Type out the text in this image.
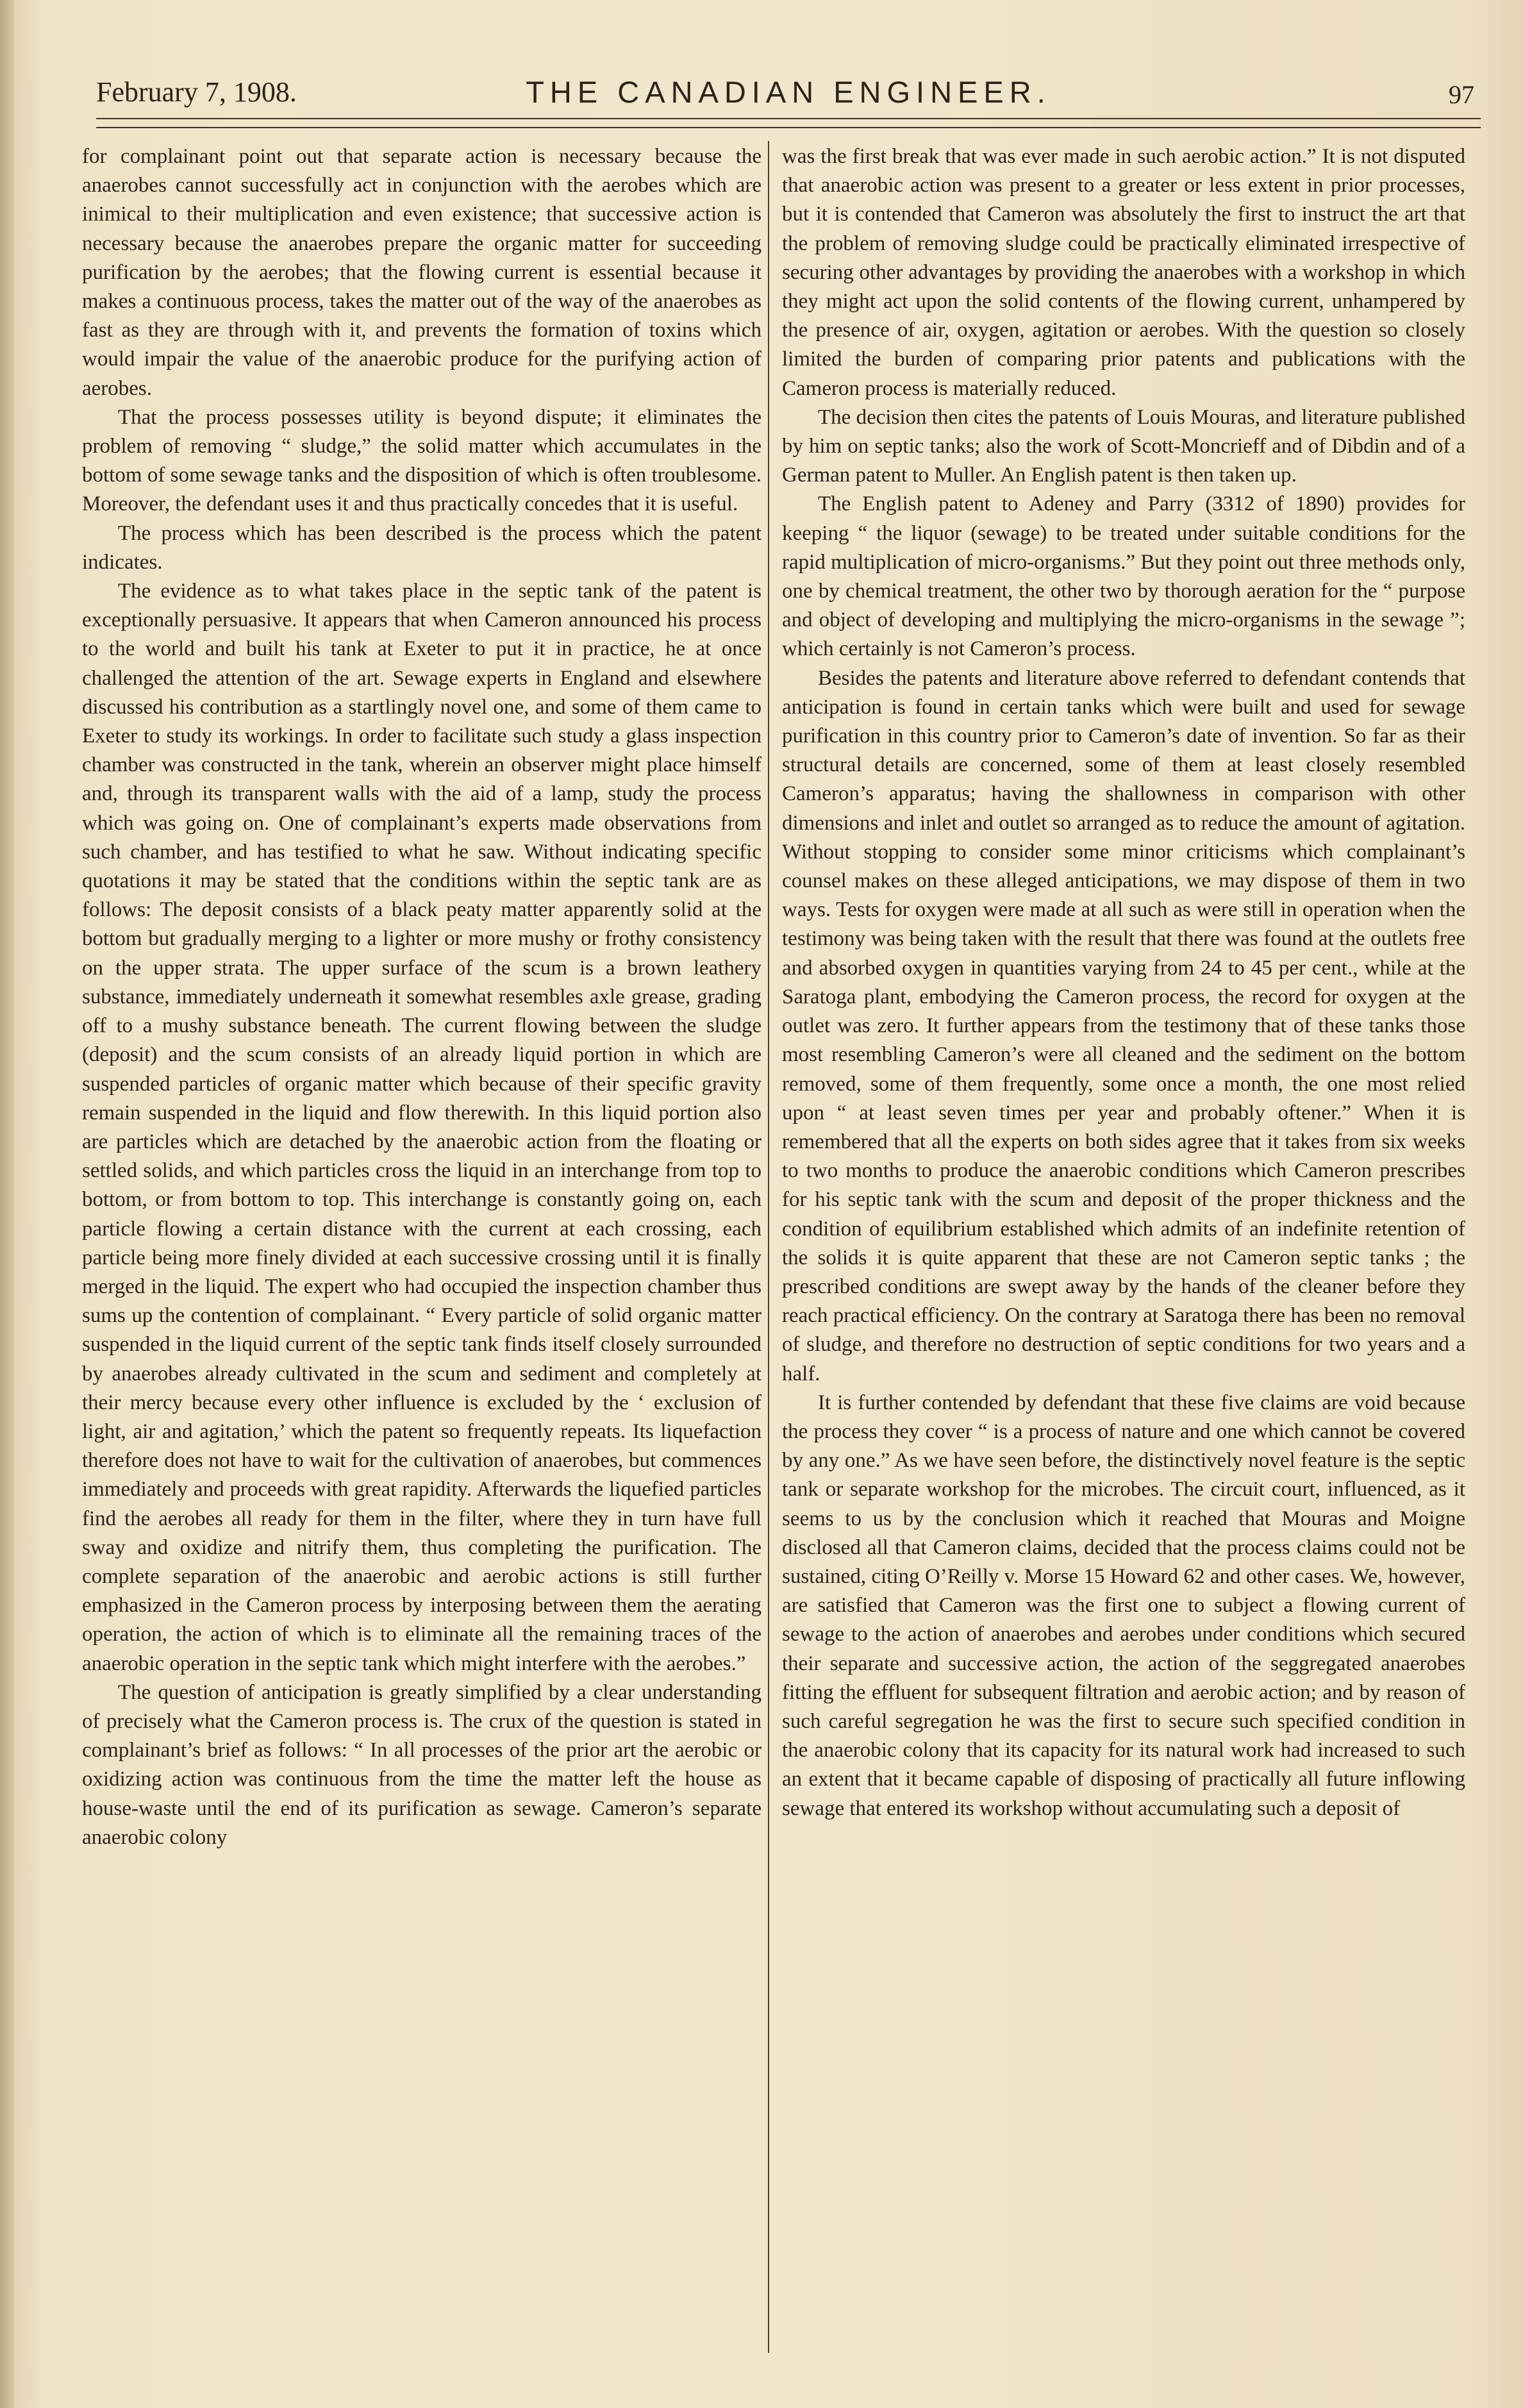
February 7, 1908.	THE CANADIAN ENGINEER.	97

for complainant point out that separate action is necessary because the anaerobes cannot successfully act in conjunction with the aerobes which are inimical to their multiplication and even existence; that successive action is necessary because the anaerobes prepare the organic matter for succeeding purification by the aerobes; that the flowing current is essential because it makes a continuous process, takes the matter out of the way of the anaerobes as fast as they are through with it, and prevents the formation of toxins which would impair the value of the anaerobic produce for the purifying action of aerobes.

That the process possesses utility is beyond dispute; it eliminates the problem of removing “ sludge,” the solid matter which accumulates in the bottom of some sewage tanks and the disposition of which is often troublesome. Moreover, the defendant uses it and thus practically concedes that it is useful.

The process which has been described is the process which the patent indicates.

The evidence as to what takes place in the septic tank of the patent is exceptionally persuasive. It appears that when Cameron announced his process to the world and built his tank at Exeter to put it in practice, he at once challenged the attention of the art. Sewage experts in England and elsewhere discussed his contribution as a startlingly novel one, and some of them came to Exeter to study its workings. In order to facilitate such study a glass inspection chamber was constructed in the tank, wherein an observer might place himself and, through its transparent walls with the aid of a lamp, study the process which was going on. One of complainant’s experts made observations from such chamber, and has testified to what he saw. Without indicating specific quotations it may be stated that the conditions within the septic tank are as follows: The deposit consists of a black peaty matter apparently solid at the bottom but gradually merging to a lighter or more mushy or frothy consistency on the upper strata. The upper surface of the scum is a brown leathery substance, immediately underneath it somewhat resembles axle grease, grading off to a mushy substance beneath. The current flowing between the sludge (deposit) and the scum consists of an already liquid portion in which are suspended particles of organic matter which because of their specific gravity remain suspended in the liquid and flow therewith. In this liquid portion also are particles which are detached by the anaerobic action from the floating or settled solids, and which particles cross the liquid in an interchange from top to bottom, or from bottom to top. This interchange is constantly going on, each particle flowing a certain distance with the current at each crossing, each particle being more finely divided at each successive crossing until it is finally merged in the liquid. The expert who had occupied the inspection chamber thus sums up the contention of complainant. “ Every particle of solid organic matter suspended in the liquid current of the septic tank finds itself closely surrounded by anaerobes already cultivated in the scum and sediment and completely at their mercy because every other influence is excluded by the ‘ exclusion of light, air and agitation,’ which the patent so frequently repeats. Its liquefaction therefore does not have to wait for the cultivation of anaerobes, but commences immediately and proceeds with great rapidity. Afterwards the liquefied particles find the aerobes all ready for them in the filter, where they in turn have full sway and oxidize and nitrify them, thus completing the purification. The complete separation of the anaerobic and aerobic actions is still further emphasized in the Cameron process by interposing between them the aerating operation, the action of which is to eliminate all the remaining traces of the anaerobic operation in the septic tank which might interfere with the aerobes.”

The question of anticipation is greatly simplified by a clear understanding of precisely what the Cameron process is. The crux of the question is stated in complainant’s brief as follows: “ In all processes of the prior art the aerobic or oxidizing action was continuous from the time the matter left the house as house-waste until the end of its purification as sewage. Cameron’s separate anaerobic colony

was the first break that was ever made in such aerobic action.” It is not disputed that anaerobic action was present to a greater or less extent in prior processes, but it is contended that Cameron was absolutely the first to instruct the art that the problem of removing sludge could be practically eliminated irrespective of securing other advantages by providing the anaerobes with a workshop in which they might act upon the solid contents of the flowing current, unhampered by the presence of air, oxygen, agitation or aerobes. With the question so closely limited the burden of comparing prior patents and publications with the Cameron process is materially reduced.

The decision then cites the patents of Louis Mouras, and literature published by him on septic tanks; also the work of Scott-Moncrieff and of Dibdin and of a German patent to Muller. An English patent is then taken up.

The English patent to Adeney and Parry (3312 of 1890) provides for keeping “ the liquor (sewage) to be treated under suitable conditions for the rapid multiplication of micro-organisms.” But they point out three methods only, one by chemical treatment, the other two by thorough aeration for the “ purpose and object of developing and multiplying the micro-organisms in the sewage ”; which certainly is not Cameron’s process.

Besides the patents and literature above referred to defendant contends that anticipation is found in certain tanks which were built and used for sewage purification in this country prior to Cameron’s date of invention. So far as their structural details are concerned, some of them at least closely resembled Cameron’s apparatus; having the shallowness in comparison with other dimensions and inlet and outlet so arranged as to reduce the amount of agitation. Without stopping to consider some minor criticisms which complainant’s counsel makes on these alleged anticipations, we may dispose of them in two ways. Tests for oxygen were made at all such as were still in operation when the testimony was being taken with the result that there was found at the outlets free and absorbed oxygen in quantities varying from 24 to 45 per cent., while at the Saratoga plant, embodying the Cameron process, the record for oxygen at the outlet was zero. It further appears from the testimony that of these tanks those most resembling Cameron’s were all cleaned and the sediment on the bottom removed, some of them frequently, some once a month, the one most relied upon “ at least seven times per year and probably oftener.” When it is remembered that all the experts on both sides agree that it takes from six weeks to two months to produce the anaerobic conditions which Cameron prescribes for his septic tank with the scum and deposit of the proper thickness and the condition of equilibrium established which admits of an indefinite retention of the solids it is quite apparent that these are not Cameron septic tanks ; the prescribed conditions are swept away by the hands of the cleaner before they reach practical efficiency. On the contrary at Saratoga there has been no removal of sludge, and therefore no destruction of septic conditions for two years and a half.

It is further contended by defendant that these five claims are void because the process they cover “ is a process of nature and one which cannot be covered by any one.” As we have seen before, the distinctively novel feature is the septic tank or separate workshop for the microbes. The circuit court, influenced, as it seems to us by the conclusion which it reached that Mouras and Moigne disclosed all that Cameron claims, decided that the process claims could not be sustained, citing O’Reilly v. Morse 15 Howard 62 and other cases. We, however, are satisfied that Cameron was the first one to subject a flowing current of sewage to the action of anaerobes and aerobes under conditions which secured their separate and successive action, the action of the seggregated anaerobes fitting the effluent for subsequent filtration and aerobic action; and by reason of such careful segregation he was the first to secure such specified condition in the anaerobic colony that its capacity for its natural work had increased to such an extent that it became capable of disposing of practically all future inflowing sewage that entered its workshop without accumulating such a deposit of
